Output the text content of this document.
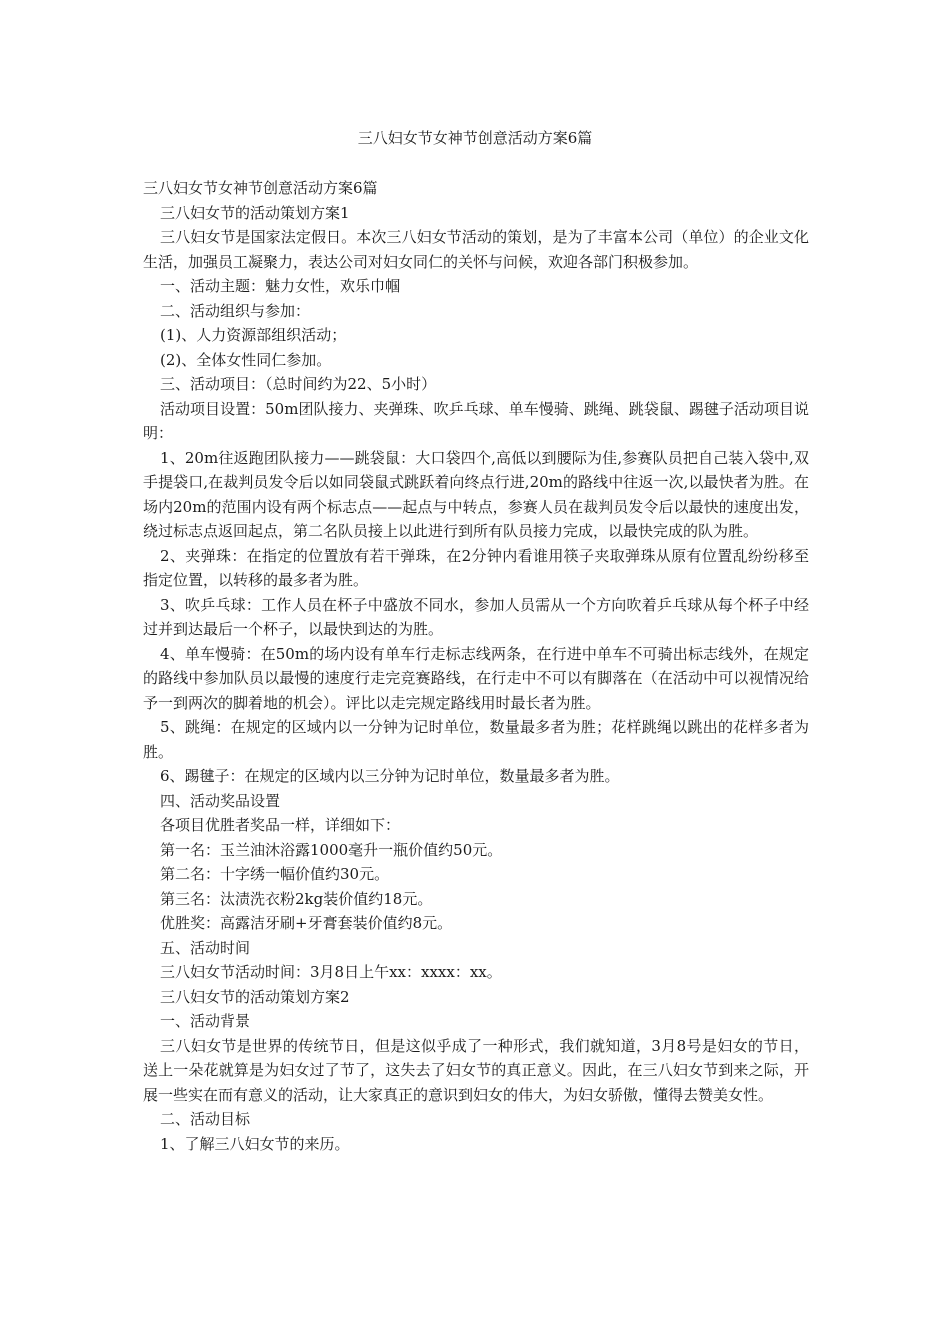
三八妇女节女神节创意活动方案6篇

三八妇女节女神节创意活动方案6篇

三八妇女节的活动策划方案1

三八妇女节是国家法定假日。本次三八妇女节活动的策划，是为了丰富本公司（单位）的企业文化生活，加强员工凝聚力，表达公司对妇女同仁的关怀与问候，欢迎各部门积极参加。

一、活动主题：魅力女性，欢乐巾帼

二、活动组织与参加：

(1)、人力资源部组织活动；

(2)、全体女性同仁参加。

三、活动项目：（总时间约为22、5小时）

活动项目设置：50m团队接力、夹弹珠、吹乒乓球、单车慢骑、跳绳、跳袋鼠、踢毽子活动项目说明：

1、20m往返跑团队接力——跳袋鼠：大口袋四个,高低以到腰际为佳,参赛队员把自己装入袋中,双手提袋口,在裁判员发令后以如同袋鼠式跳跃着向终点行进,20m的路线中往返一次,以最快者为胜。在场内20m的范围内设有两个标志点——起点与中转点，参赛人员在裁判员发令后以最快的速度出发，绕过标志点返回起点，第二名队员接上以此进行到所有队员接力完成，以最快完成的队为胜。

2、夹弹珠：在指定的位置放有若干弹珠，在2分钟内看谁用筷子夹取弹珠从原有位置乱纷纷移至指定位置，以转移的最多者为胜。

3、吹乒乓球：工作人员在杯子中盛放不同水，参加人员需从一个方向吹着乒乓球从每个杯子中经过并到达最后一个杯子，以最快到达的为胜。

4、单车慢骑：在50m的场内设有单车行走标志线两条，在行进中单车不可骑出标志线外，在规定的路线中参加队员以最慢的速度行走完竞赛路线，在行走中不可以有脚落在（在活动中可以视情况给予一到两次的脚着地的机会）。评比以走完规定路线用时最长者为胜。

5、跳绳：在规定的区域内以一分钟为记时单位，数量最多者为胜；花样跳绳以跳出的花样多者为胜。

6、踢毽子：在规定的区域内以三分钟为记时单位，数量最多者为胜。

四、活动奖品设置

各项目优胜者奖品一样，详细如下：

第一名：玉兰油沐浴露1000毫升一瓶价值约50元。

第二名：十字绣一幅价值约30元。

第三名：汰渍洗衣粉2kg装价值约18元。

优胜奖：高露洁牙刷+牙膏套装价值约8元。

五、活动时间

三八妇女节活动时间：3月8日上午xx：xxxx：xx。

三八妇女节的活动策划方案2

一、活动背景

三八妇女节是世界的传统节日，但是这似乎成了一种形式，我们就知道，3月8号是妇女的节日，送上一朵花就算是为妇女过了节了，这失去了妇女节的真正意义。因此，在三八妇女节到来之际，开展一些实在而有意义的活动，让大家真正的意识到妇女的伟大，为妇女骄傲，懂得去赞美女性。

二、活动目标

1、了解三八妇女节的来历。
